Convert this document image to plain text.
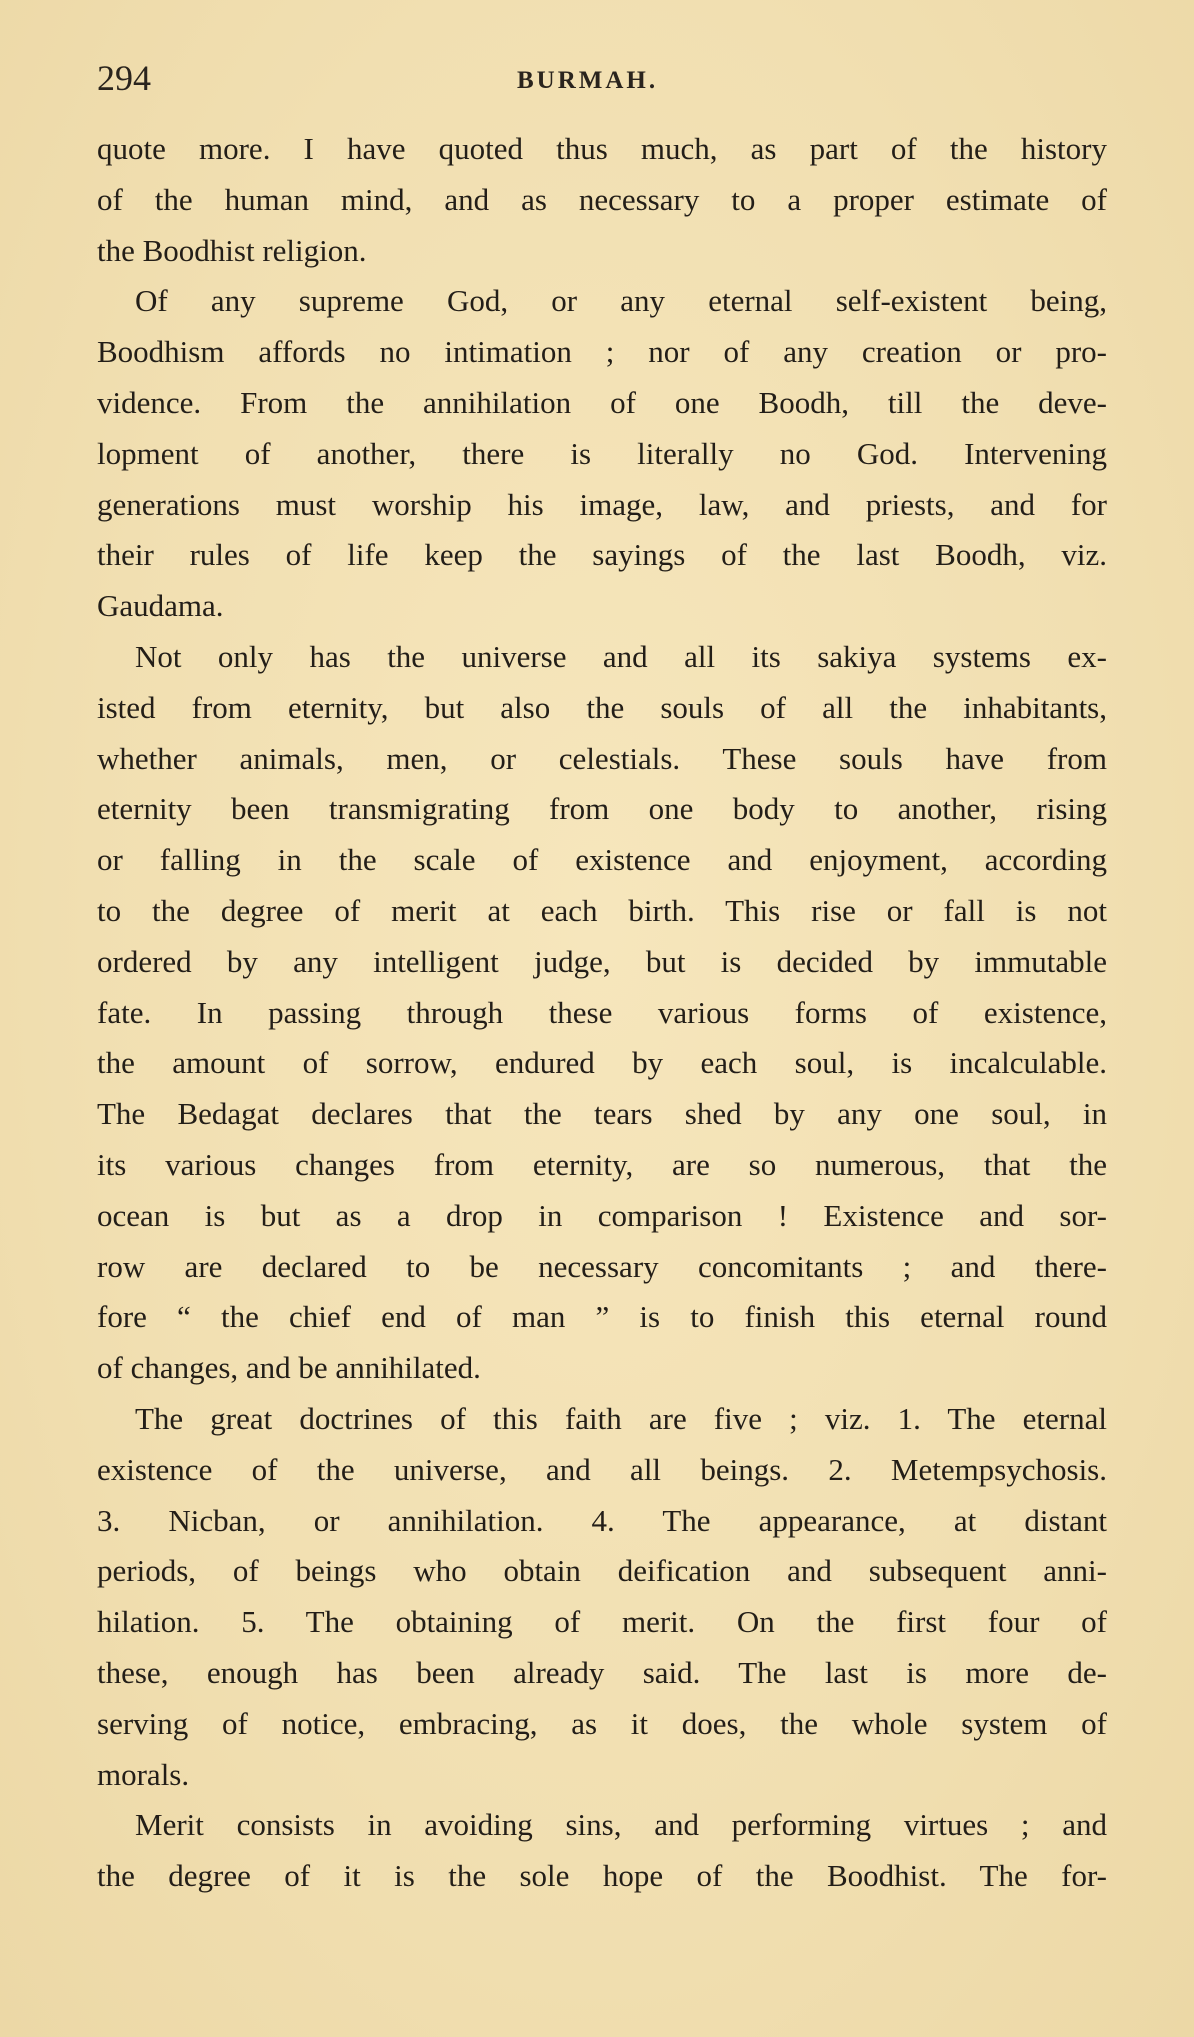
294	BURMAH.
quote more. I have quoted thus much, as part of the history
of the human mind, and as necessary to a proper estimate of
the Boodhist religion.
Of any supreme God, or any eternal self-existent being,
Boodhism affords no intimation ; nor of any creation or pro-
vidence. From the annihilation of one Boodh, till the deve-
lopment of another, there is literally no God. Intervening
generations must worship his image, law, and priests, and for
their rules of life keep the sayings of the last Boodh, viz.
Gaudama.
Not only has the universe and all its sakiya systems ex-
isted from eternity, but also the souls of all the inhabitants,
whether animals, men, or celestials. These souls have from
eternity been transmigrating from one body to another, rising
or falling in the scale of existence and enjoyment, according
to the degree of merit at each birth. This rise or fall is not
ordered by any intelligent judge, but is decided by immutable
fate. In passing through these various forms of existence,
the amount of sorrow, endured by each soul, is incalculable.
The Bedagat declares that the tears shed by any one soul, in
its various changes from eternity, are so numerous, that the
ocean is but as a drop in comparison ! Existence and sor-
row are declared to be necessary concomitants ; and there-
fore “ the chief end of man ” is to finish this eternal round
of changes, and be annihilated.
The great doctrines of this faith are five ; viz. 1. The eternal
existence of the universe, and all beings. 2. Metempsychosis.
3. Nicban, or annihilation. 4. The appearance, at distant
periods, of beings who obtain deification and subsequent anni-
hilation. 5. The obtaining of merit. On the first four of
these, enough has been already said. The last is more de-
serving of notice, embracing, as it does, the whole system of
morals.
Merit consists in avoiding sins, and performing virtues ; and
the degree of it is the sole hope of the Boodhist. The for-
